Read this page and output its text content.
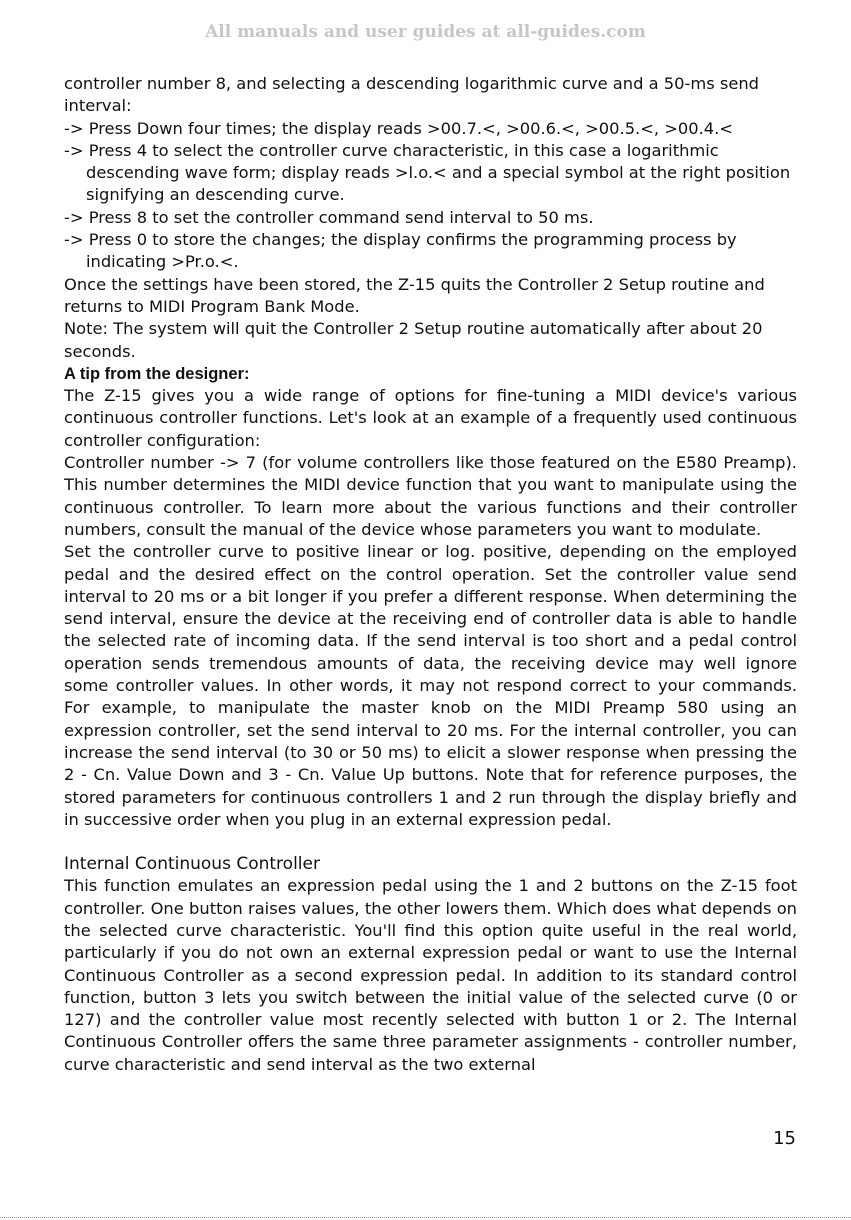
All manuals and user guides at all-guides.com

controller number 8, and selecting a descending logarithmic curve and a 50-ms send interval:

-> Press Down four times; the display reads >00.7.<, >00.6.<, >00.5.<, >00.4.<

-> Press 4 to select the controller curve characteristic, in this case a logarithmic descending wave form; display reads >l.o.< and a special symbol at the right position signifying an descending curve.

-> Press 8 to set the controller command send interval to 50 ms.

-> Press 0 to store the changes; the display confirms the programming process by indicating >Pr.o.<.

Once the settings have been stored, the Z-15 quits the Controller 2 Setup routine and returns to MIDI Program Bank Mode.

Note: The system will quit the Controller 2 Setup routine automatically after about 20 seconds.

A tip from the designer:

The Z-15 gives you a wide range of options for fine-tuning a MIDI device's various continuous controller functions. Let's look at an example of a frequently used continuous controller configuration:

Controller number -> 7 (for volume controllers like those featured on the E580 Preamp). This number determines the MIDI device function that you want to manipulate using the continuous controller. To learn more about the various functions and their controller numbers, consult the manual of the device whose parameters you want to modulate.

Set the controller curve to positive linear or log. positive, depending on the employed pedal and the desired effect on the control operation. Set the controller value send interval to 20 ms or a bit longer if you prefer a different response. When determining the send interval, ensure the device at the receiving end of controller data is able to handle the selected rate of incoming data. If the send interval is too short and a pedal control operation sends tremendous amounts of data, the receiving device may well ignore some controller values. In other words, it may not respond correct to your commands. For example, to manipulate the master knob on the MIDI Preamp 580 using an expression controller, set the send interval to 20 ms. For the internal controller, you can increase the send interval (to 30 or 50 ms) to elicit a slower response when pressing the 2 - Cn. Value Down and 3 - Cn. Value Up buttons. Note that for reference purposes, the stored parameters for continuous controllers 1 and 2 run through the display briefly and in successive order when you plug in an external expression pedal.

Internal Continuous Controller

This function emulates an expression pedal using the 1 and 2 buttons on the Z-15 foot controller. One button raises values, the other lowers them. Which does what depends on the selected curve characteristic. You'll find this option quite useful in the real world, particularly if you do not own an external expression pedal or want to use the Internal Continuous Controller as a second expression pedal. In addition to its standard control function, button 3 lets you switch between the initial value of the selected curve (0 or 127) and the controller value most recently selected with button 1 or 2. The Internal Continuous Controller offers the same three parameter assignments - controller number, curve characteristic and send interval as the two external

15
